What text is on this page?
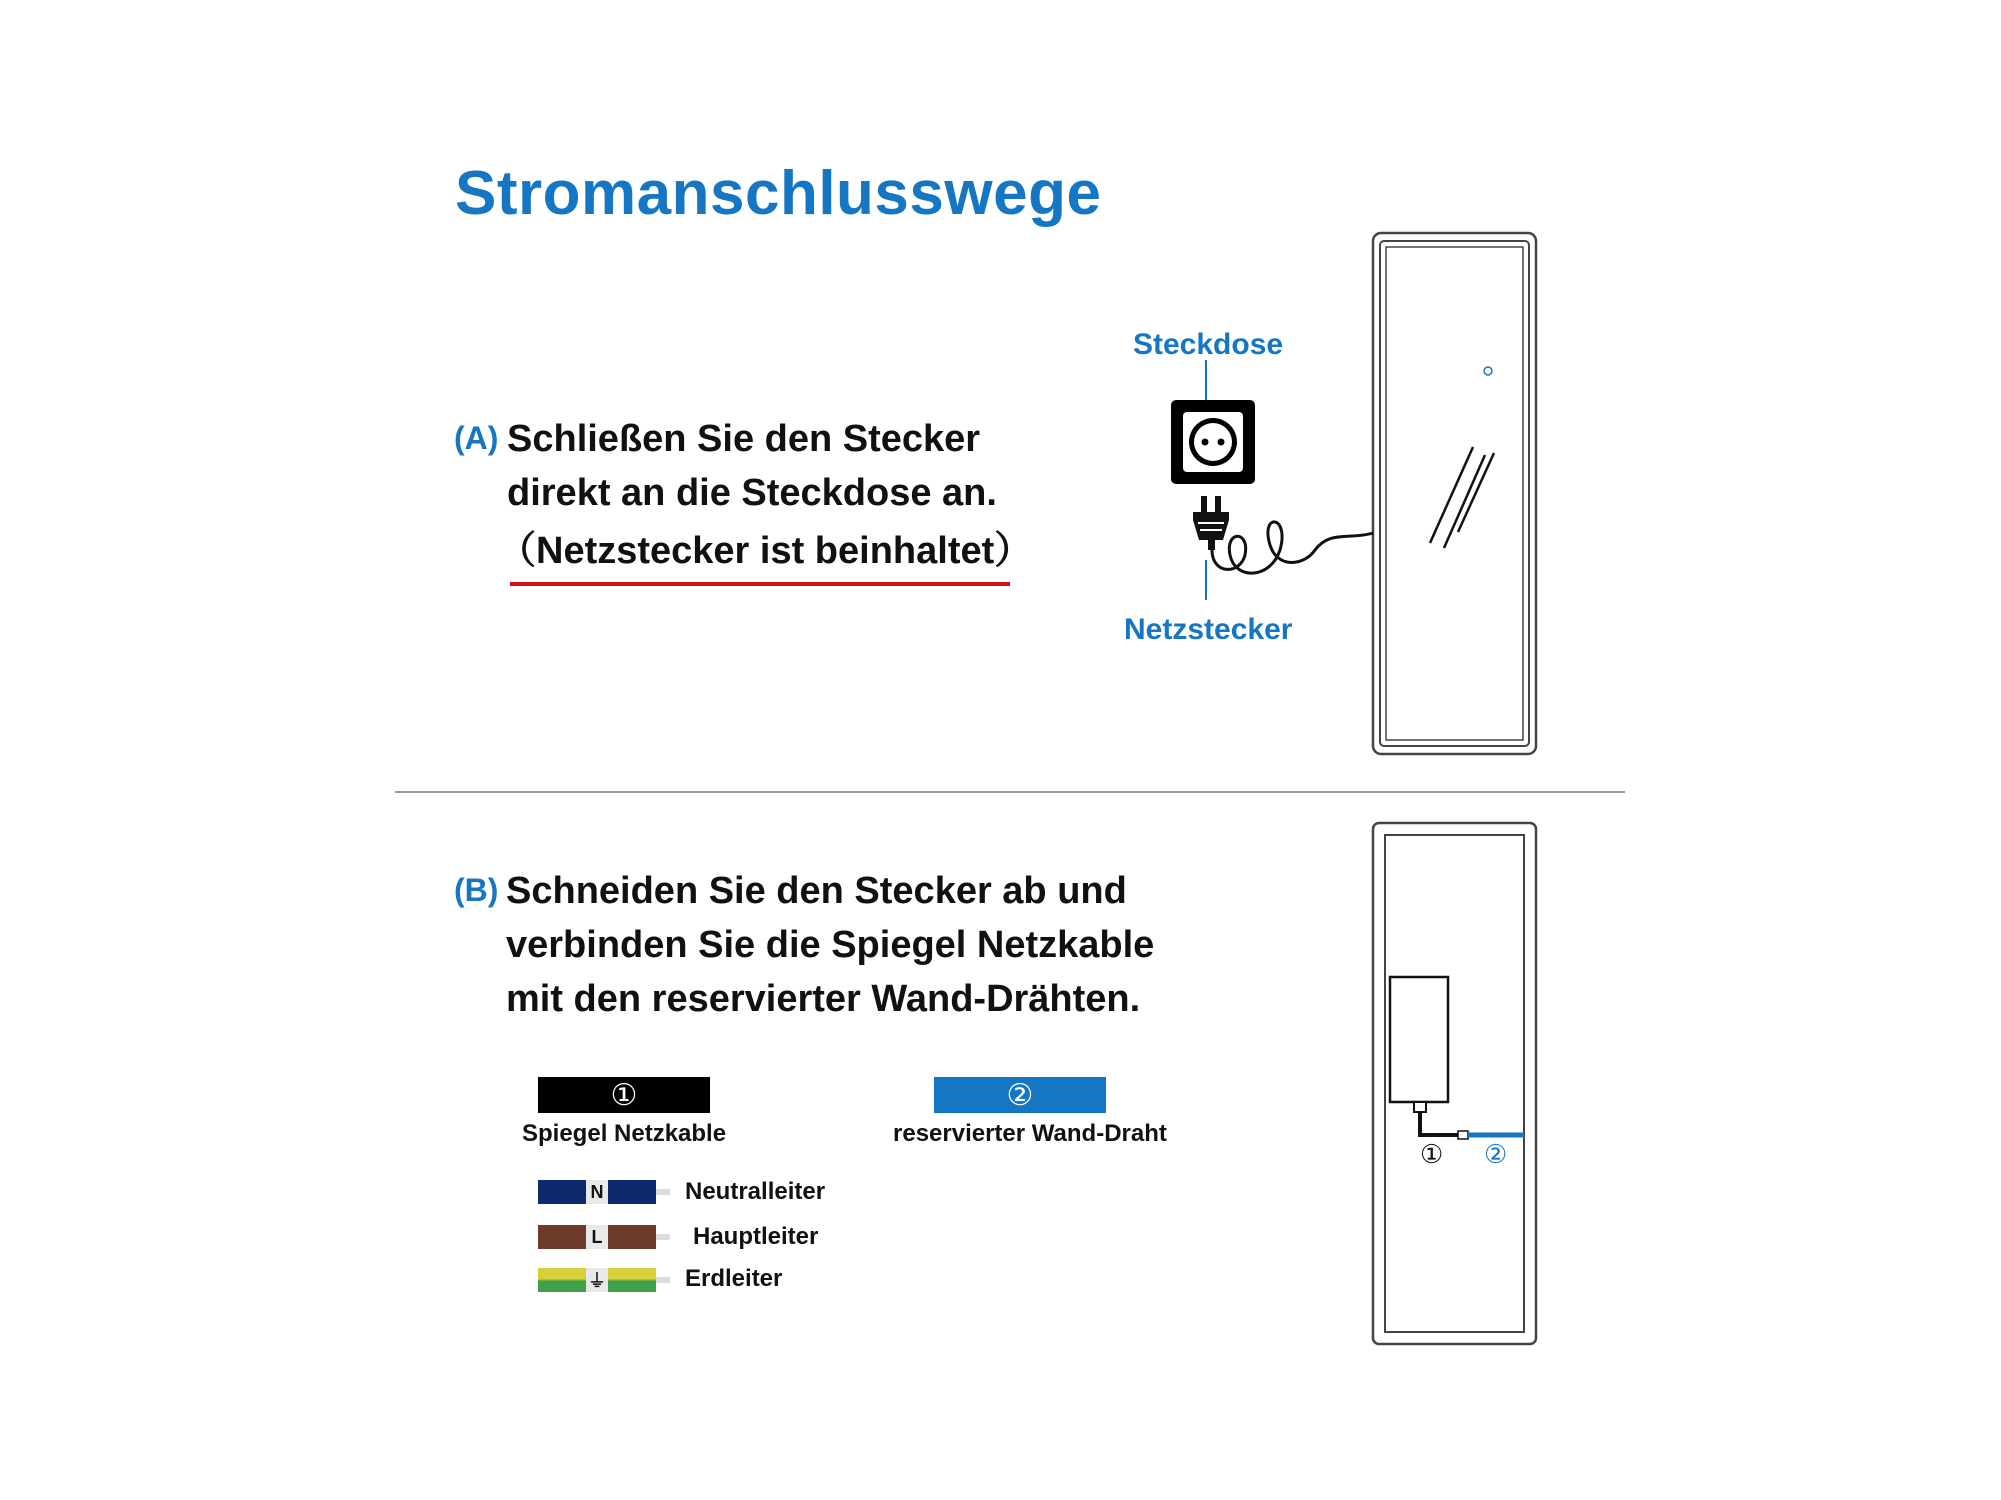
Stromanschlusswege
(A) Schließen Sie den Stecker
direkt an die Steckdose an.
（Netzstecker ist beinhaltet）
Steckdose
Netzstecker
(B) Schneiden Sie den Stecker ab und
verbinden Sie die Spiegel Netzkable
mit den reservierter Wand-Drähten.
①
Spiegel Netzkable
②
reservierter Wand-Draht
N	Neutralleiter
L	Hauptleiter
⏚	Erdleiter
① ②
